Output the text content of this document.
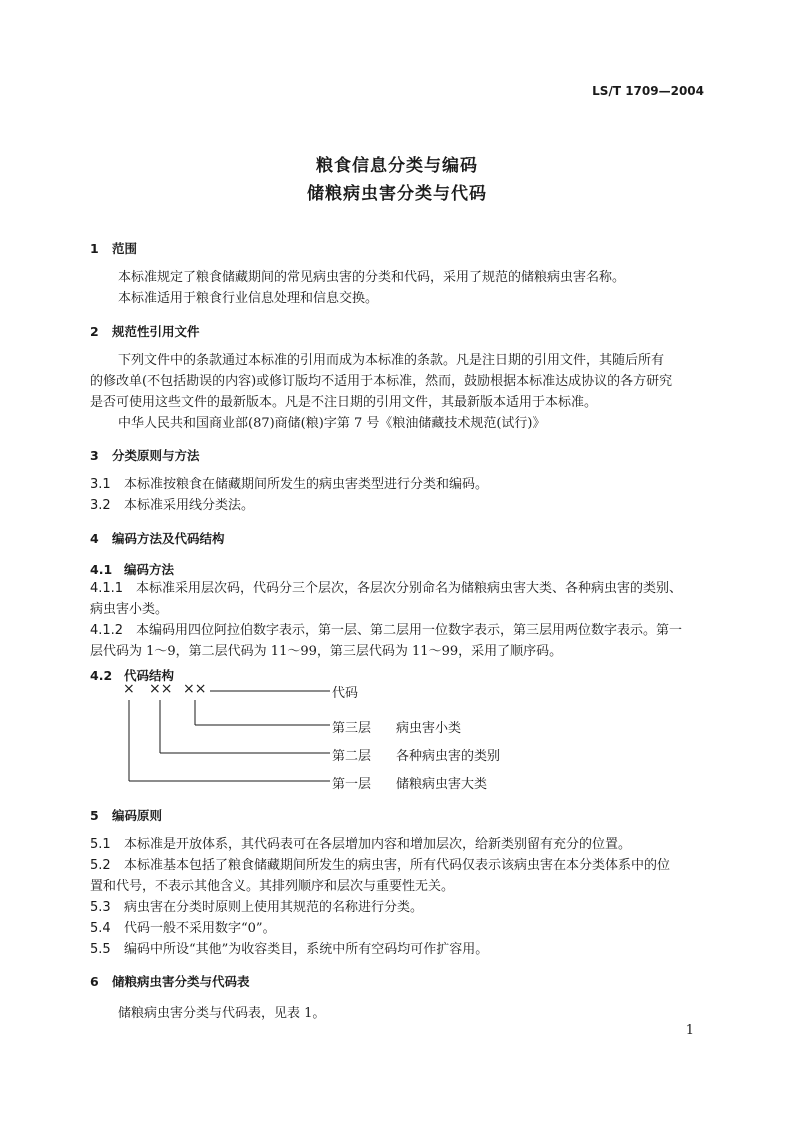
LS/T 1709—2004
粮食信息分类与编码
储粮病虫害分类与代码
1 范围
本标准规定了粮食储藏期间的常见病虫害的分类和代码，采用了规范的储粮病虫害名称。
本标准适用于粮食行业信息处理和信息交换。
2 规范性引用文件
下列文件中的条款通过本标准的引用而成为本标准的条款。凡是注日期的引用文件，其随后所有
的修改单(不包括勘误的内容)或修订版均不适用于本标准，然而，鼓励根据本标准达成协议的各方研究
是否可使用这些文件的最新版本。凡是不注日期的引用文件，其最新版本适用于本标准。
中华人民共和国商业部(87)商储(粮)字第 7 号《粮油储藏技术规范(试行)》
3 分类原则与方法
3.1 本标准按粮食在储藏期间所发生的病虫害类型进行分类和编码。
3.2 本标准采用线分类法。
4 编码方法及代码结构
4.1 编码方法
4.1.1 本标准采用层次码，代码分三个层次，各层次分别命名为储粮病虫害大类、各种病虫害的类别、
病虫害小类。
4.1.2 本编码用四位阿拉伯数字表示，第一层、第二层用一位数字表示，第三层用两位数字表示。第一
层代码为 1～9，第二层代码为 11～99，第三层代码为 11～99，采用了顺序码。
4.2 代码结构
× ×× ××	代码
第三层 病虫害小类
第二层 各种病虫害的类别
第一层 储粮病虫害大类
5 编码原则
5.1 本标准是开放体系，其代码表可在各层增加内容和增加层次，给新类别留有充分的位置。
5.2 本标准基本包括了粮食储藏期间所发生的病虫害，所有代码仅表示该病虫害在本分类体系中的位
置和代号，不表示其他含义。其排列顺序和层次与重要性无关。
5.3 病虫害在分类时原则上使用其规范的名称进行分类。
5.4 代码一般不采用数字“0”。
5.5 编码中所设“其他”为收容类目，系统中所有空码均可作扩容用。
6 储粮病虫害分类与代码表
储粮病虫害分类与代码表，见表 1。
1
